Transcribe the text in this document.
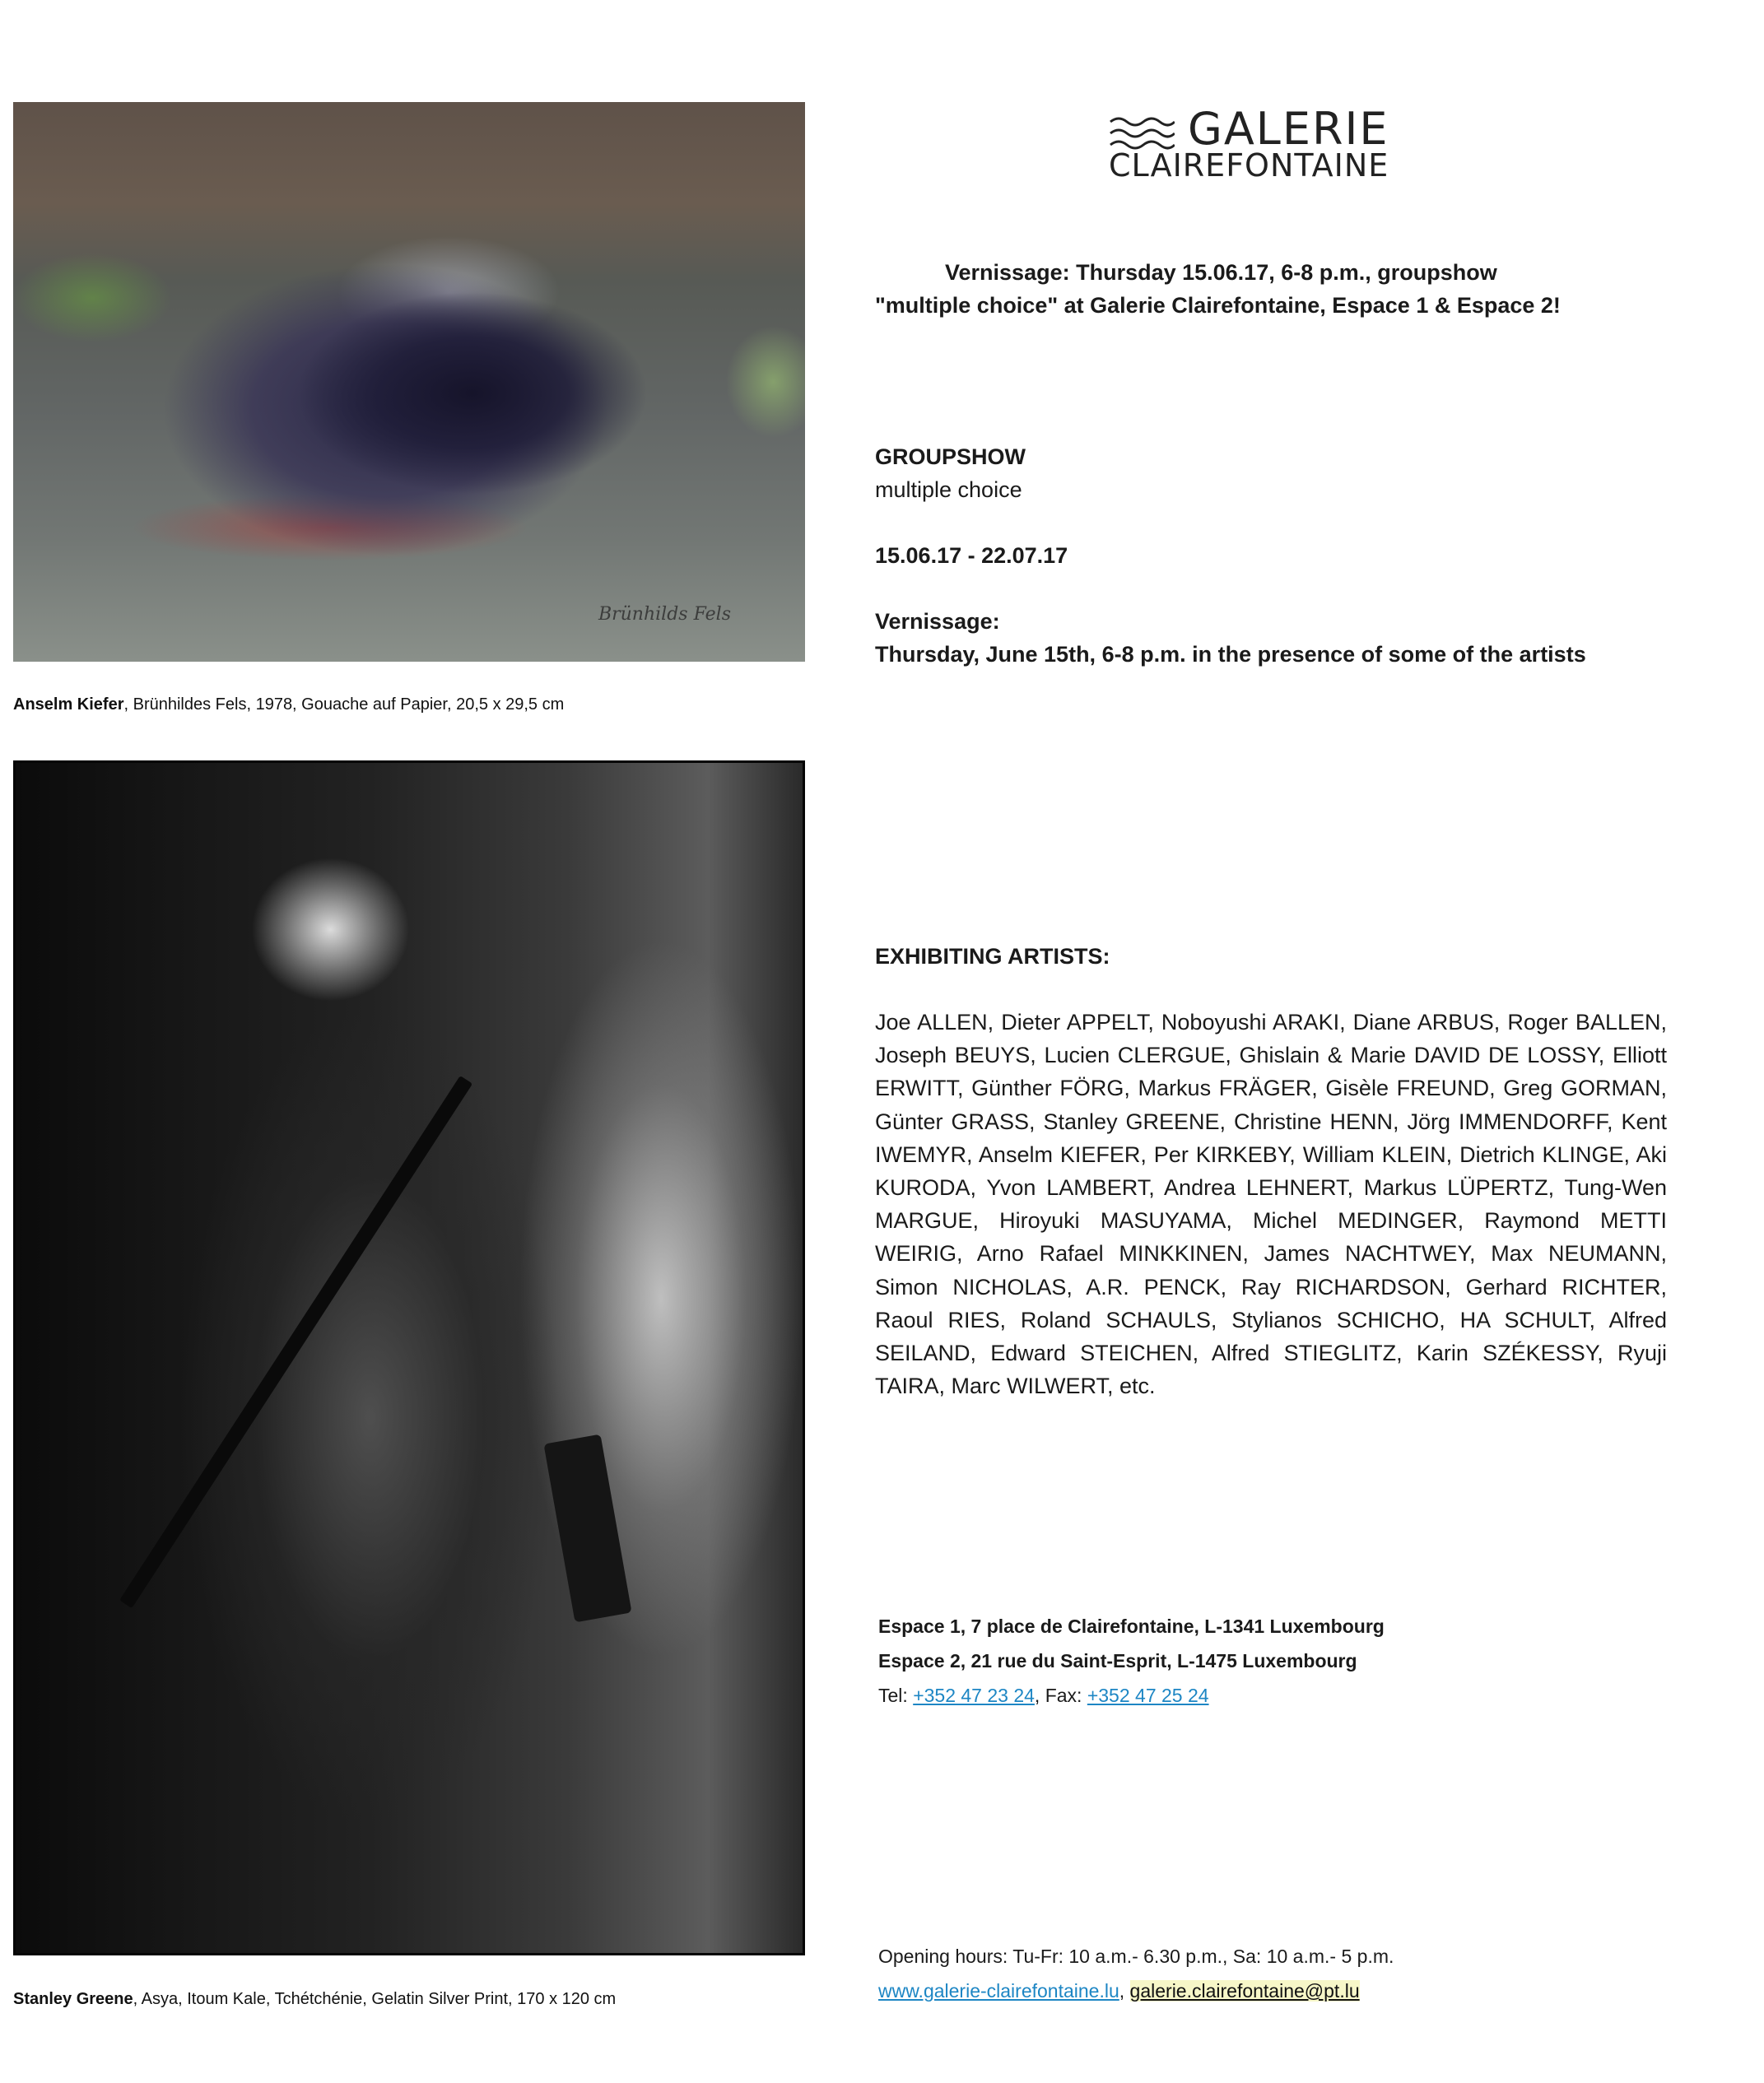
Brünhilds Fels
Anselm Kiefer, Brünhildes Fels, 1978, Gouache auf Papier, 20,5 x 29,5 cm
Stanley Greene, Asya, Itoum Kale, Tchétchénie, Gelatin Silver Print, 170 x 120 cm
GALERIE
CLAIREFONTAINE
Vernissage: Thursday 15.06.17, 6-8 p.m., groupshow
"multiple choice" at Galerie Clairefontaine, Espace 1 & Espace 2!
GROUPSHOW
multiple choice
15.06.17 - 22.07.17
Vernissage:
Thursday, June 15th, 6-8 p.m. in the presence of some of the artists
EXHIBITING ARTISTS:
Joe ALLEN, Dieter APPELT, Noboyushi ARAKI, Diane ARBUS, Roger BALLEN, Joseph BEUYS, Lucien CLERGUE, Ghislain & Marie DAVID DE LOSSY, Elliott ERWITT, Günther FÖRG, Markus FRÄGER, Gisèle FREUND, Greg GORMAN, Günter GRASS, Stanley GREENE, Christine HENN, Jörg IMMENDORFF, Kent IWEMYR, Anselm KIEFER, Per KIRKEBY, William KLEIN, Dietrich KLINGE, Aki KURODA, Yvon LAMBERT, Andrea LEHNERT, Markus LÜPERTZ, Tung-Wen MARGUE, Hiroyuki MASUYAMA, Michel MEDINGER, Raymond METTI WEIRIG, Arno Rafael MINKKINEN, James NACHTWEY, Max NEUMANN, Simon NICHOLAS, A.R. PENCK, Ray RICHARDSON, Gerhard RICHTER, Raoul RIES, Roland SCHAULS, Stylianos SCHICHO, HA SCHULT, Alfred SEILAND, Edward STEICHEN, Alfred STIEGLITZ, Karin SZÉKESSY, Ryuji TAIRA, Marc WILWERT, etc.
Espace 1, 7 place de Clairefontaine, L-1341 Luxembourg
Espace 2, 21 rue du Saint-Esprit, L-1475 Luxembourg
Tel: +352 47 23 24, Fax: +352 47 25 24
Opening hours: Tu-Fr: 10 a.m.- 6.30 p.m., Sa: 10 a.m.- 5 p.m.
www.galerie-clairefontaine.lu, galerie.clairefontaine@pt.lu
